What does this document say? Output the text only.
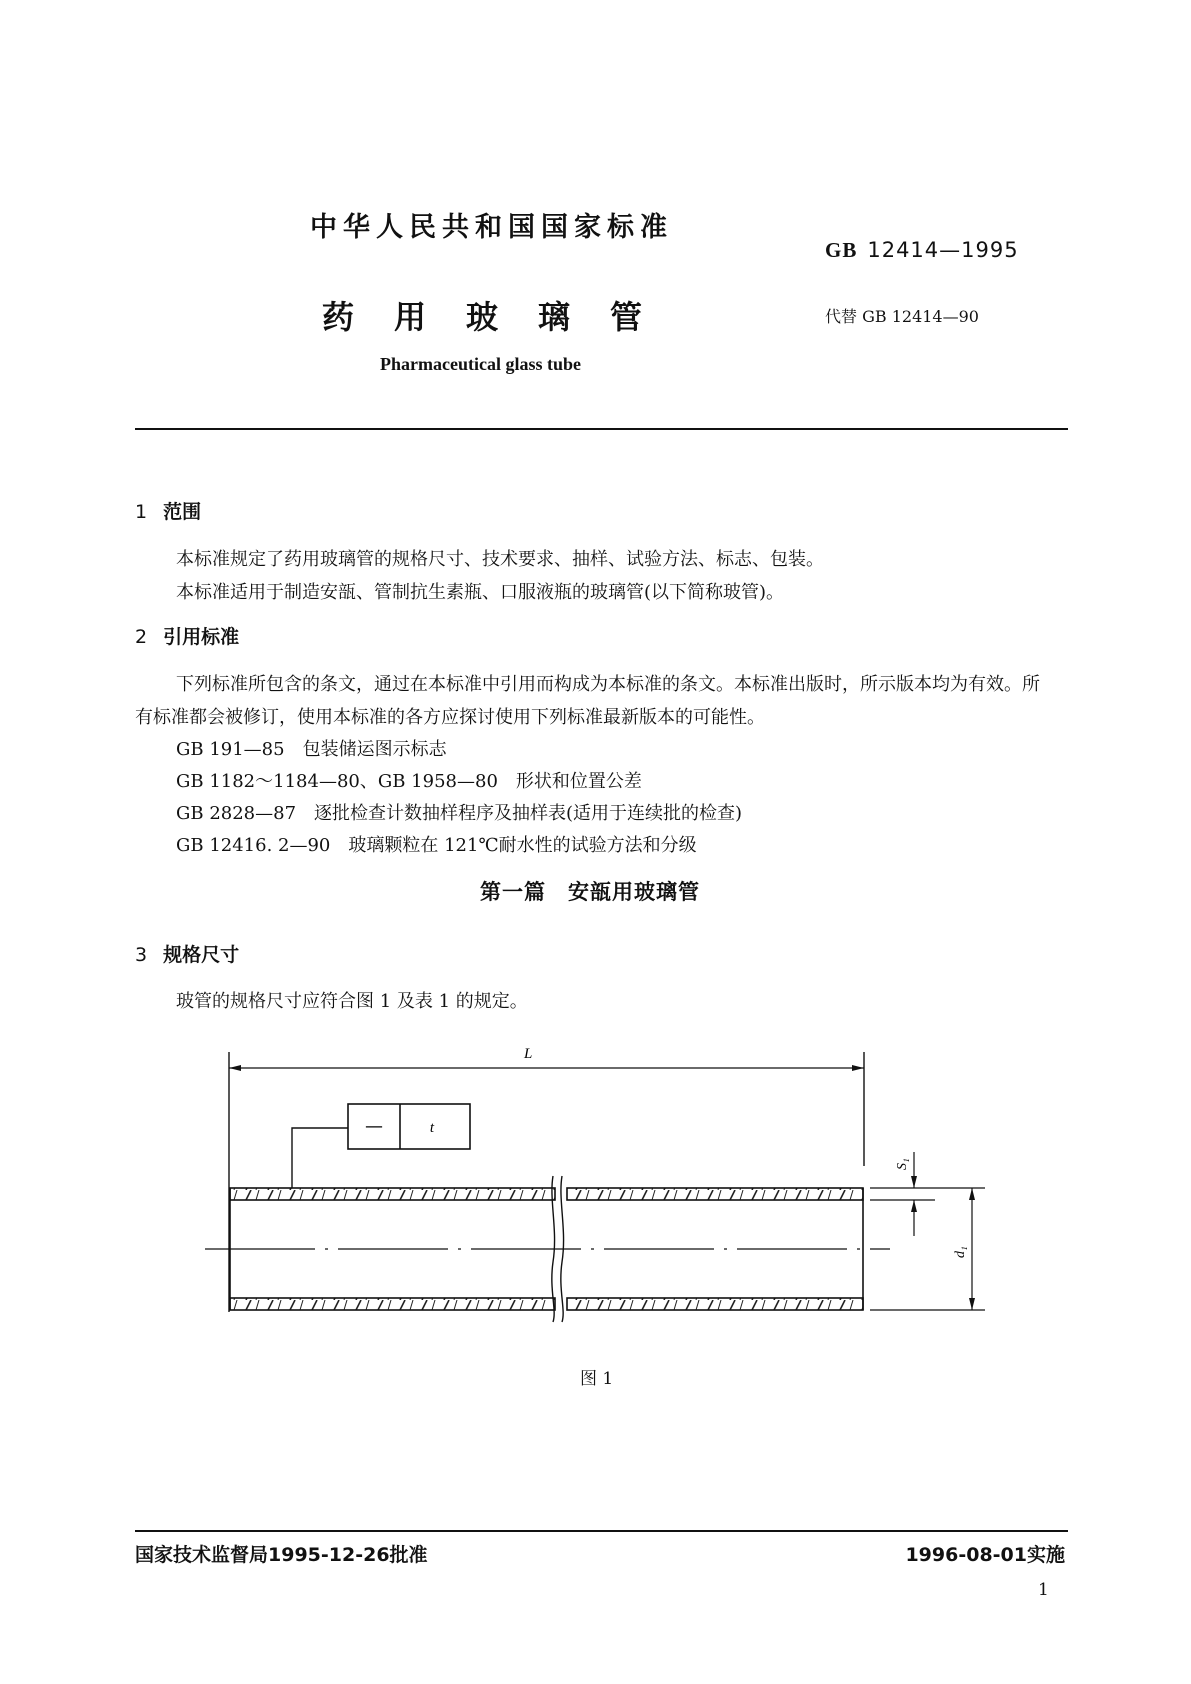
中华人民共和国国家标准
GB 12414—1995
药用玻璃管	代替 GB 12414—90
Pharmaceutical glass tube
1 范围
本标准规定了药用玻璃管的规格尺寸、技术要求、抽样、试验方法、标志、包装。
本标准适用于制造安瓿、管制抗生素瓶、口服液瓶的玻璃管(以下简称玻管)。
2 引用标准
下列标准所包含的条文，通过在本标准中引用而构成为本标准的条文。本标准出版时，所示版本均为有效。所有标准都会被修订，使用本标准的各方应探讨使用下列标准最新版本的可能性。
GB 191—85　包装储运图示标志
GB 1182～1184—80、GB 1958—80　形状和位置公差
GB 2828—87　逐批检查计数抽样程序及抽样表(适用于连续批的检查)
GB 12416. 2—90　玻璃颗粒在 121℃耐水性的试验方法和分级
第一篇　安瓿用玻璃管
3 规格尺寸
玻管的规格尺寸应符合图 1 及表 1 的规定。
L
—	t
S₁
d₁
图 1
国家技术监督局1995-12-26批准	1996-08-01实施
1
